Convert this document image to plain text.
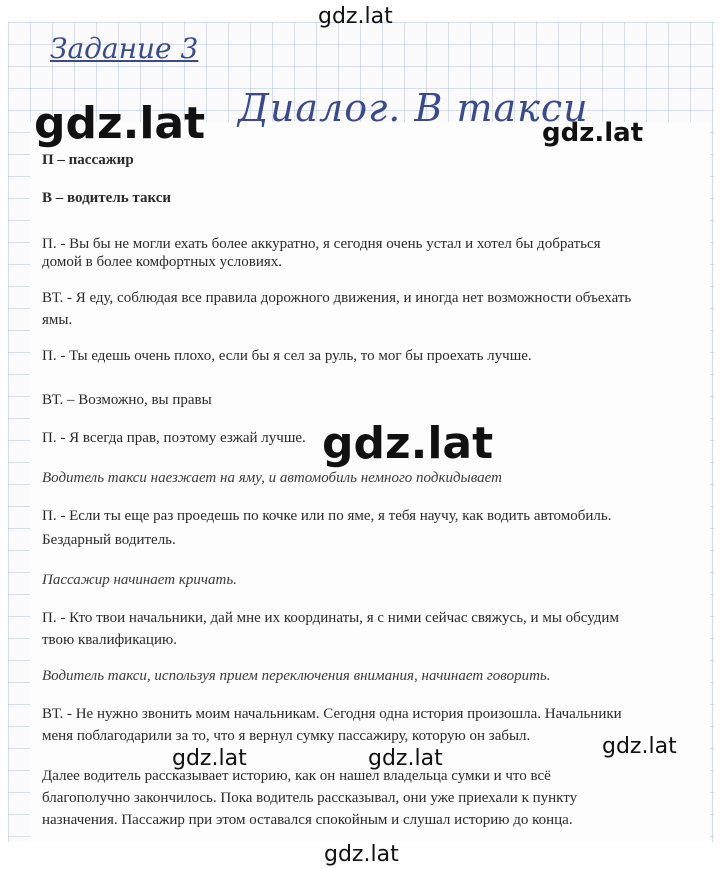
Задание 3
Диалог. В такси
П – пассажир
В – водитель такси
П. - Вы бы не могли ехать более аккуратно, я сегодня очень устал и хотел бы добраться
домой в более комфортных условиях.
ВТ. - Я еду, соблюдая все правила дорожного движения, и иногда нет возможности объехать
ямы.
П. - Ты едешь очень плохо, если бы я сел за руль, то мог бы проехать лучше.
ВТ. – Возможно, вы правы
П. - Я всегда прав, поэтому езжай лучше.
Водитель такси наезжает на яму, и автомобиль немного подкидывает
П. - Если ты еще раз проедешь по кочке или по яме, я тебя научу, как водить автомобиль.
Бездарный водитель.
Пассажир начинает кричать.
П. - Кто твои начальники, дай мне их координаты, я с ними сейчас свяжусь, и мы обсудим
твою квалификацию.
Водитель такси, используя прием переключения внимания, начинает говорить.
ВТ. - Не нужно звонить моим начальникам. Сегодня одна история произошла. Начальники
меня поблагодарили за то, что я вернул сумку пассажиру, которую он забыл.
Далее водитель рассказывает историю, как он нашел владельца сумки и что всё
благополучно закончилось. Пока водитель рассказывал, они уже приехали к пункту
назначения. Пассажир при этом оставался спокойным и слушал историю до конца.
gdz.lat
gdz.lat	gdz.lat
gdz.lat
gdz.lat	gdz.lat	gdz.lat
gdz.lat
